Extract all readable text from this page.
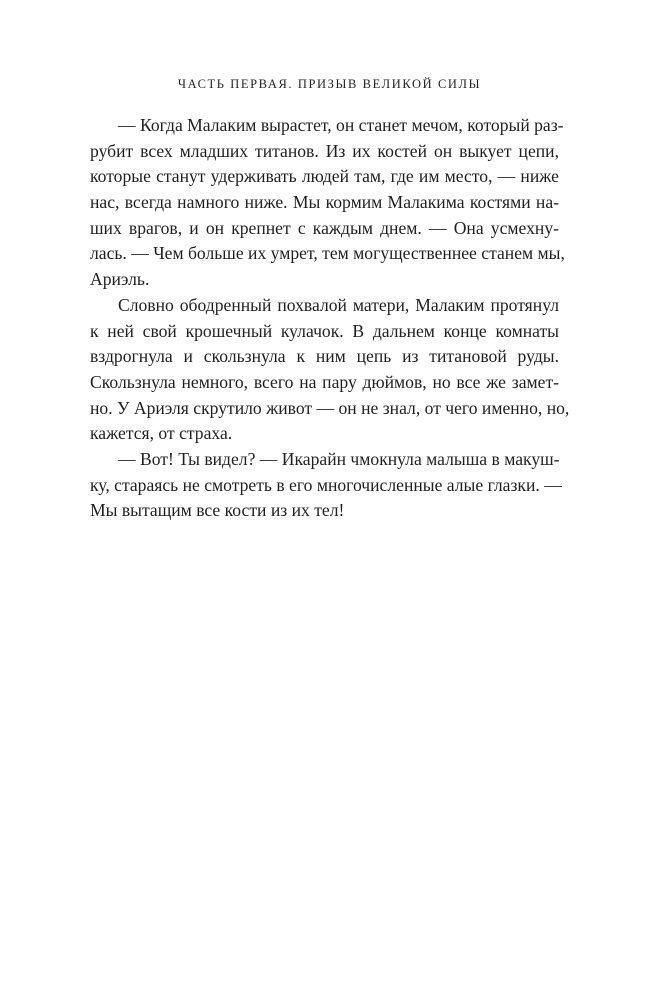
ЧАСТЬ ПЕРВАЯ. ПРИЗЫВ ВЕЛИКОЙ СИЛЫ
— Когда Малаким вырастет, он станет мечом, который раз-
рубит всех младших титанов. Из их костей он выкует цепи,
которые станут удерживать людей там, где им место, — ниже
нас, всегда намного ниже. Мы кормим Малакима костями на-
ших врагов, и он крепнет с каждым днем. — Она усмехну-
лась. — Чем больше их умрет, тем могущественнее станем мы,
Ариэль.
Словно ободренный похвалой матери, Малаким протянул
к ней свой крошечный кулачок. В дальнем конце комнаты
вздрогнула и скользнула к ним цепь из титановой руды.
Скользнула немного, всего на пару дюймов, но все же замет-
но. У Ариэля скрутило живот — он не знал, от чего именно, но,
кажется, от страха.
— Вот! Ты видел? — Икарайн чмокнула малыша в макуш-
ку, стараясь не смотреть в его многочисленные алые глазки. —
Мы вытащим все кости из их тел!
